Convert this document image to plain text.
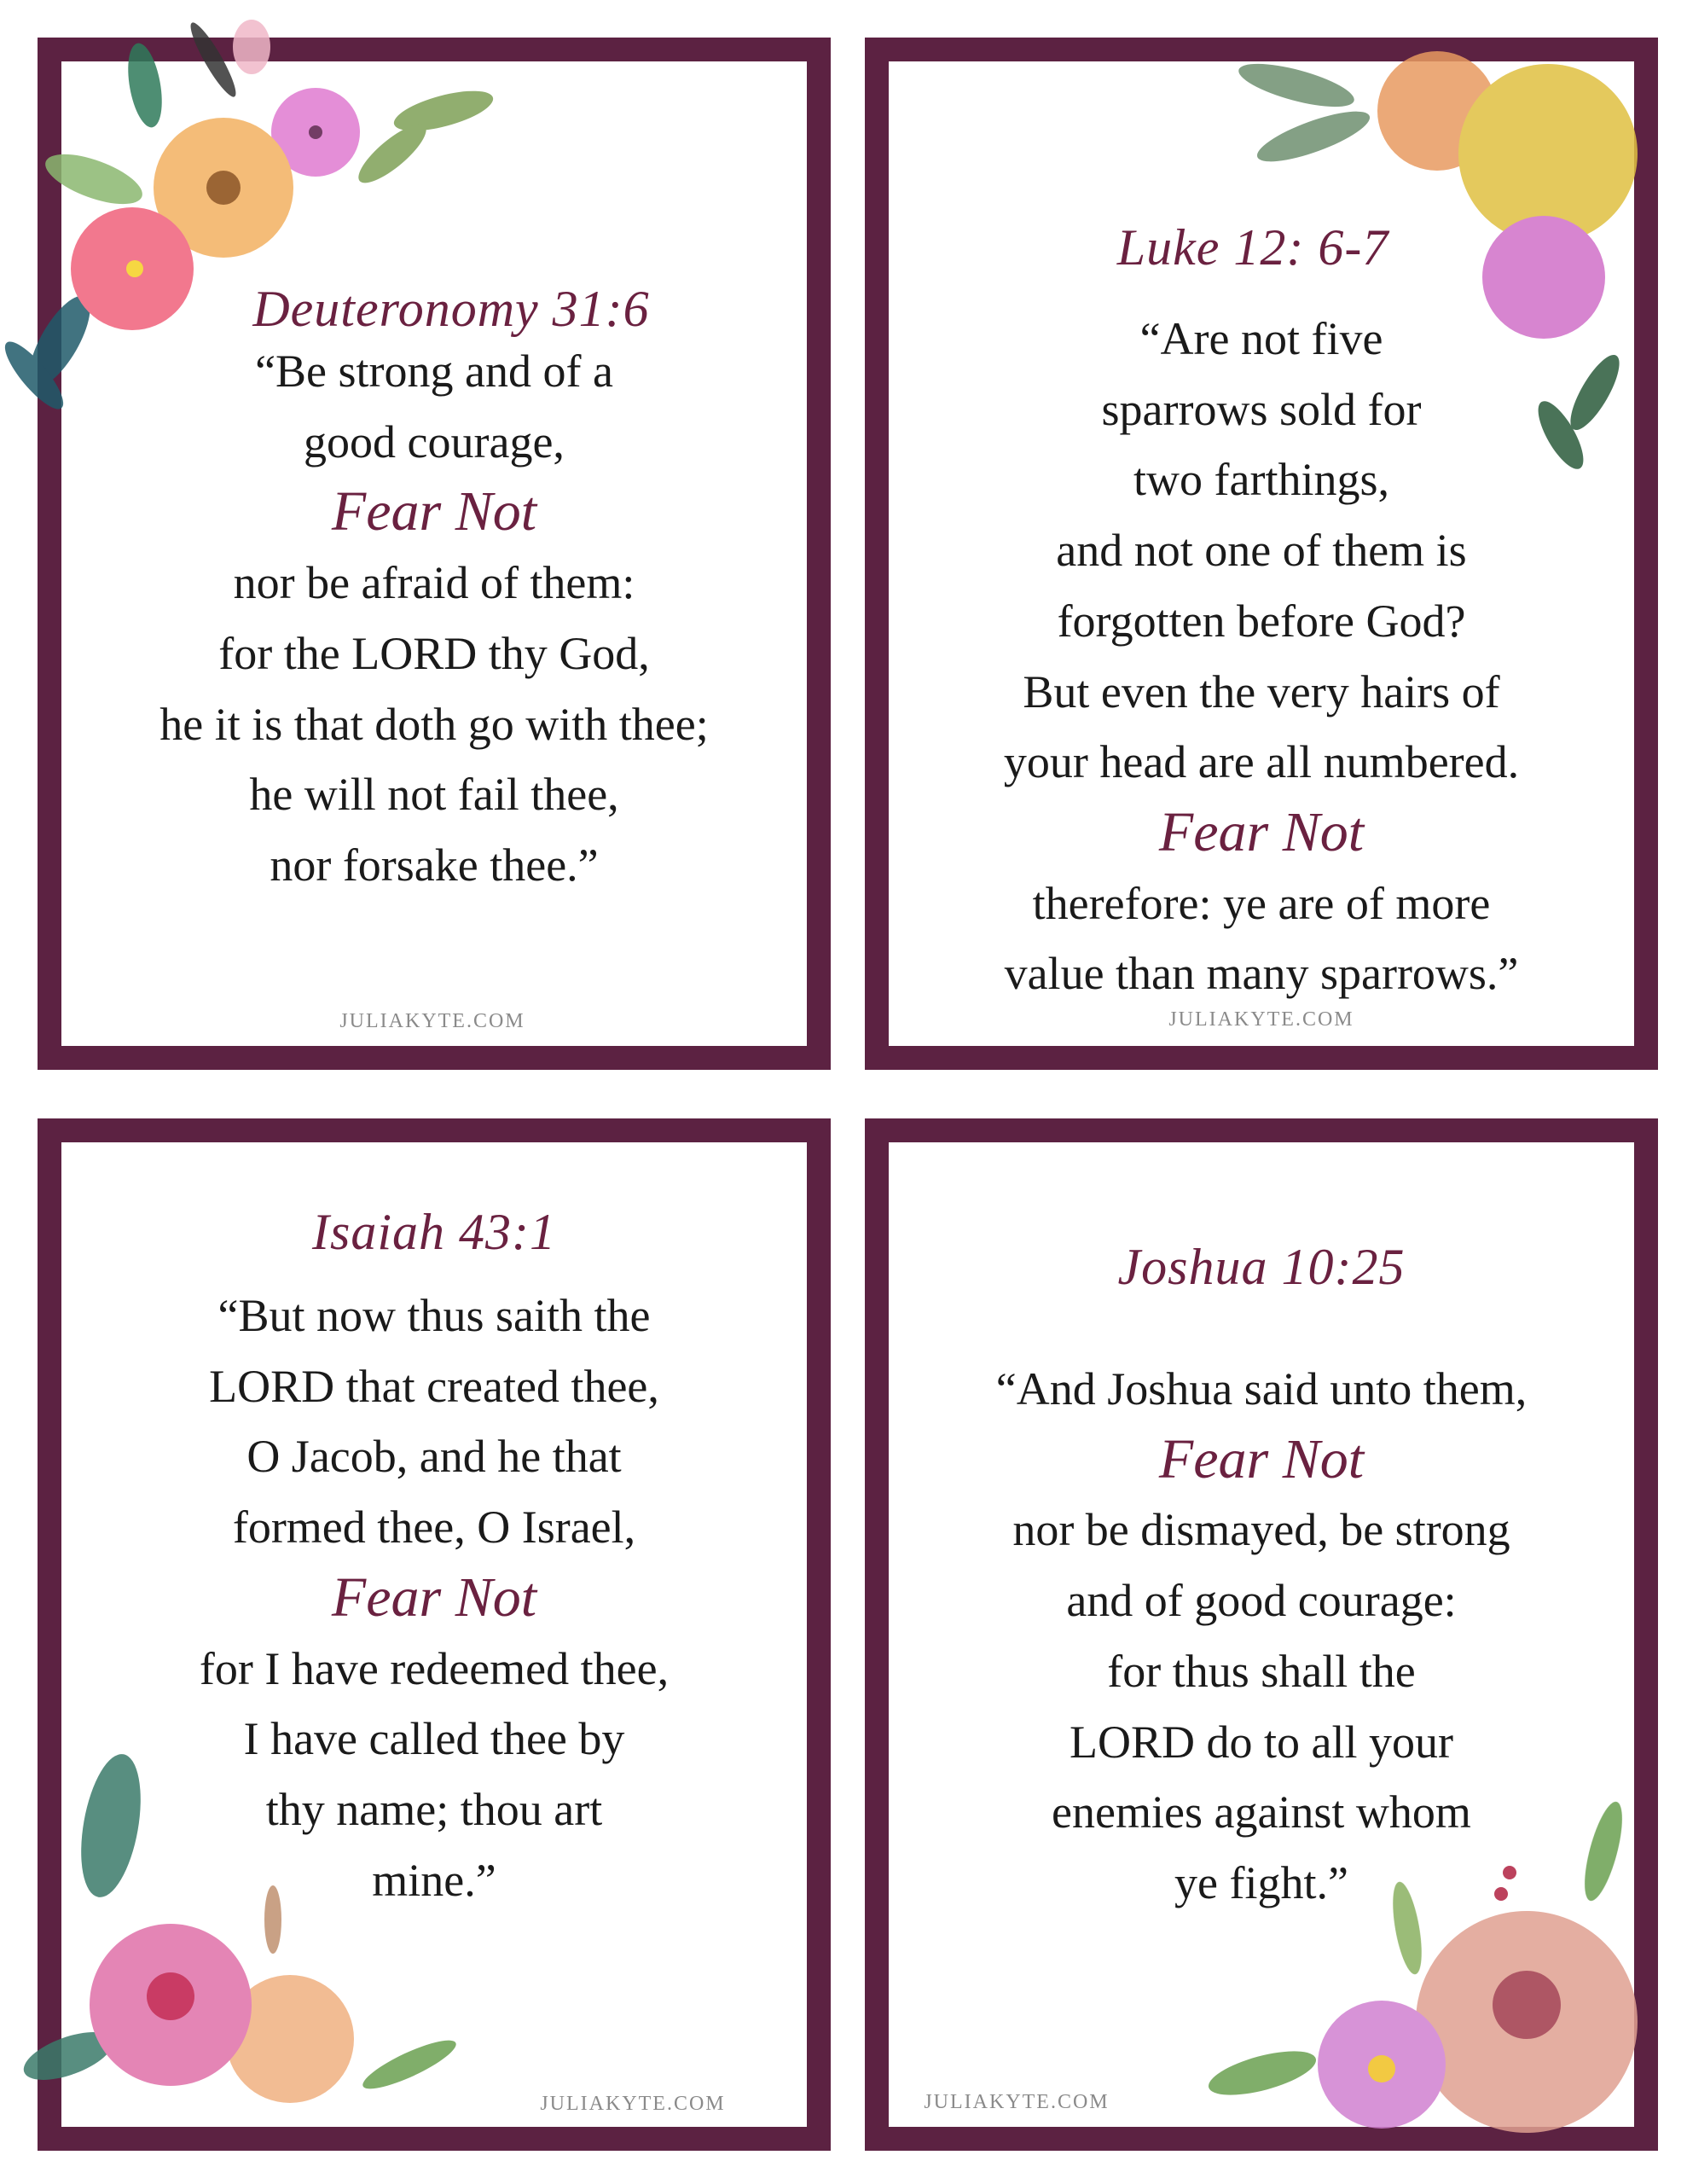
Deuteronomy 31:6
“Be strong and of a
good courage,
Fear Not
nor be afraid of them:
for the LORD thy God,
he it is that doth go with thee;
he will not fail thee,
nor forsake thee.”
JULIAKYTE.COM
Luke 12: 6-7
“Are not five
sparrows sold for
two farthings,
and not one of them is
forgotten before God?
But even the very hairs of
your head are all numbered.
Fear Not
therefore: ye are of more
value than many sparrows.”
JULIAKYTE.COM
Isaiah 43:1
“But now thus saith the
LORD that created thee,
O Jacob, and he that
formed thee, O Israel,
Fear Not
for I have redeemed thee,
I have called thee by
thy name; thou art
mine.”
JULIAKYTE.COM
Joshua 10:25
“And Joshua said unto them,
Fear Not
nor be dismayed, be strong
and of good courage:
for thus shall the
LORD do to all your
enemies against whom
ye fight.”
JULIAKYTE.COM
